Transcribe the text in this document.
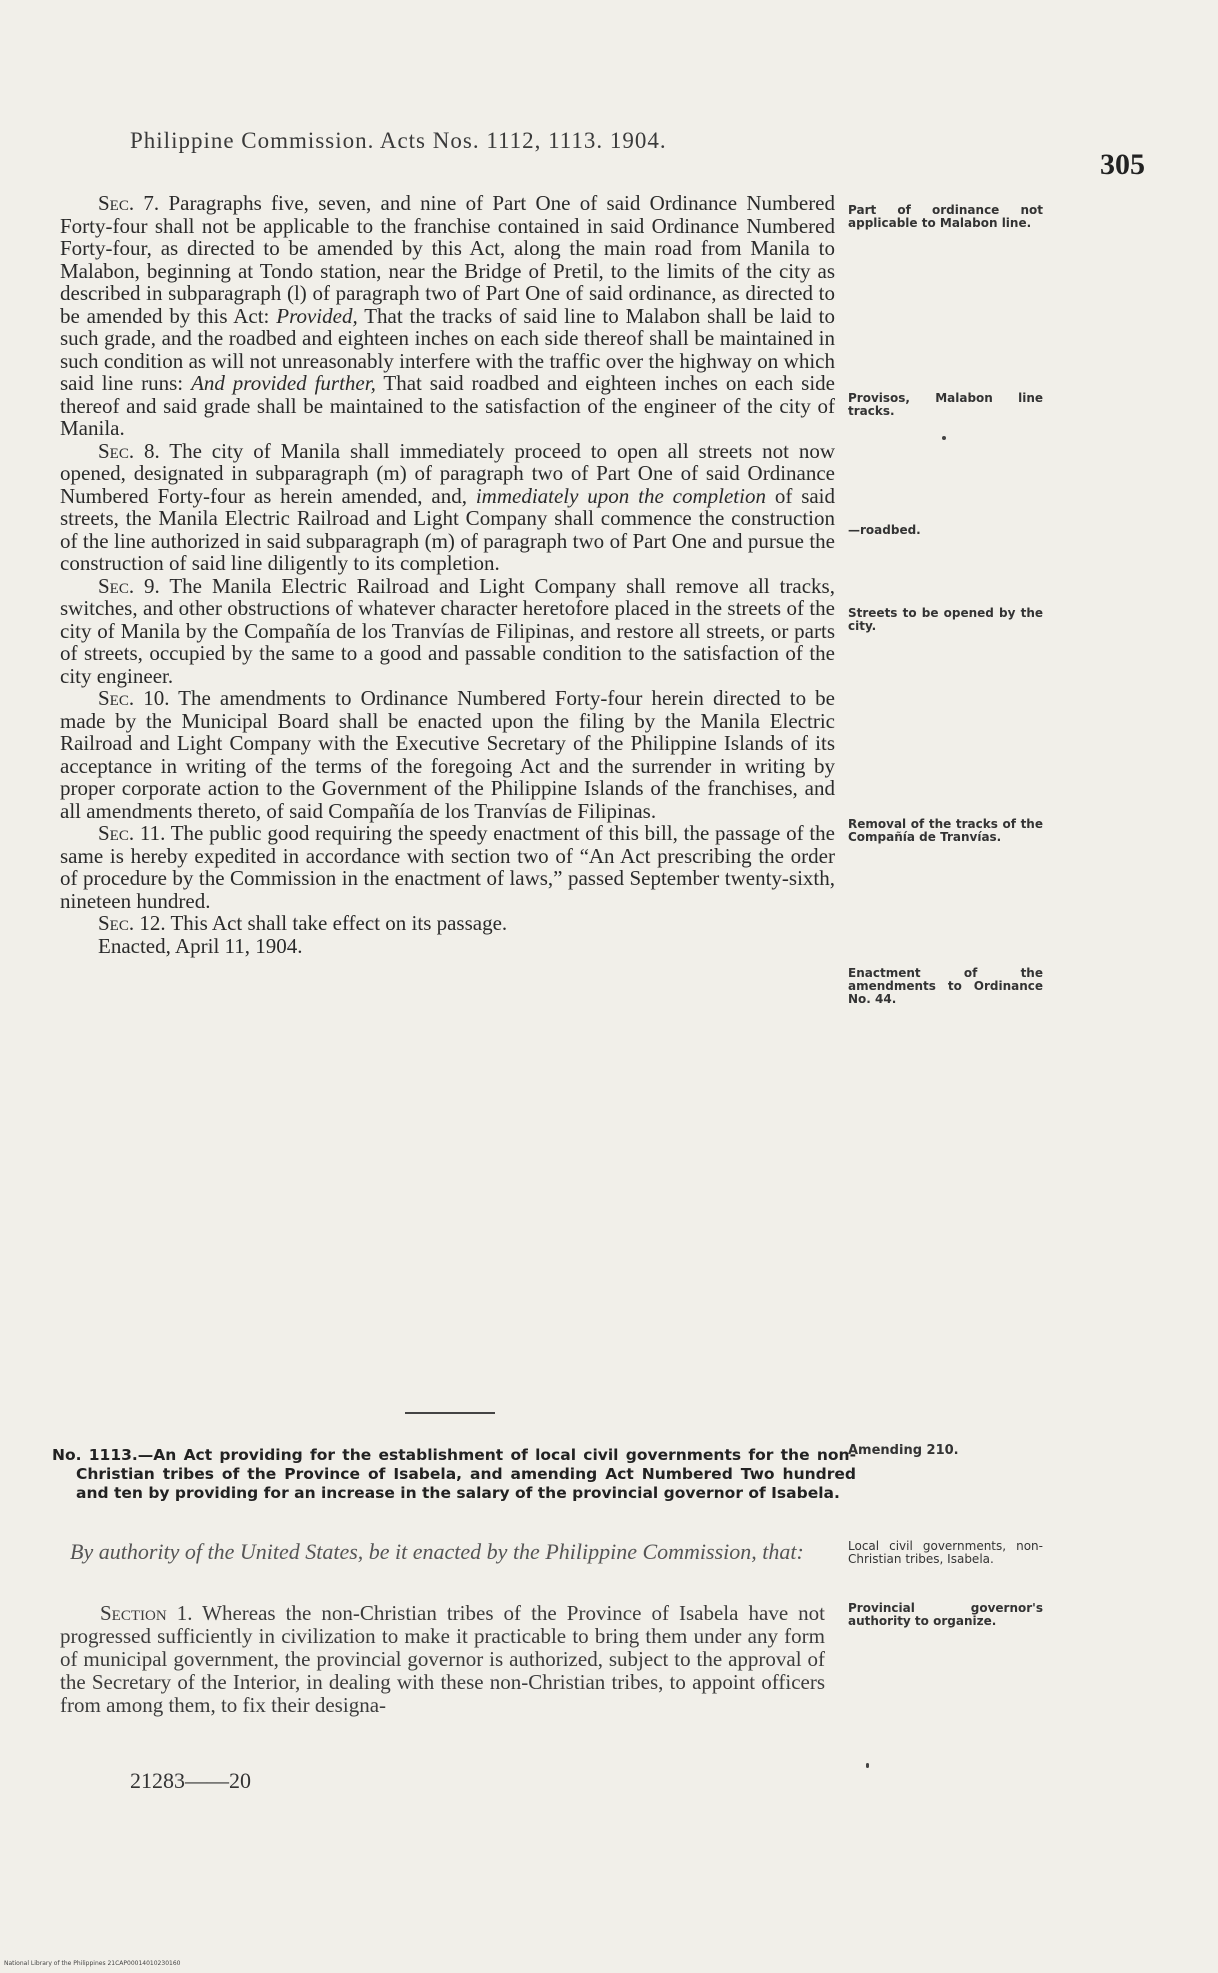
Philippine Commission. Acts Nos. 1112, 1113. 1904.
305

Sec. 7. Paragraphs five, seven, and nine of Part One of said Ordinance Numbered Forty-four shall not be applicable to the franchise contained in said Ordinance Numbered Forty-four, as directed to be amended by this Act, along the main road from Manila to Malabon, beginning at Tondo station, near the Bridge of Pretil, to the limits of the city as described in subparagraph (l) of paragraph two of Part One of said ordinance, as directed to be amended by this Act: Provided, That the tracks of said line to Malabon shall be laid to such grade, and the roadbed and eighteen inches on each side thereof shall be maintained in such condition as will not unreasonably interfere with the traffic over the highway on which said line runs: And provided further, That said roadbed and eighteen inches on each side thereof and said grade shall be maintained to the satisfaction of the engineer of the city of Manila.

Sec. 8. The city of Manila shall immediately proceed to open all streets not now opened, designated in subparagraph (m) of paragraph two of Part One of said Ordinance Numbered Forty-four as herein amended, and, immediately upon the completion of said streets, the Manila Electric Railroad and Light Company shall commence the construction of the line authorized in said subparagraph (m) of paragraph two of Part One and pursue the construction of said line diligently to its completion.

Sec. 9. The Manila Electric Railroad and Light Company shall remove all tracks, switches, and other obstructions of whatever character heretofore placed in the streets of the city of Manila by the Compañía de los Tranvías de Filipinas, and restore all streets, or parts of streets, occupied by the same to a good and passable condition to the satisfaction of the city engineer.

Sec. 10. The amendments to Ordinance Numbered Forty-four herein directed to be made by the Municipal Board shall be enacted upon the filing by the Manila Electric Railroad and Light Company with the Executive Secretary of the Philippine Islands of its acceptance in writing of the terms of the foregoing Act and the surrender in writing by proper corporate action to the Government of the Philippine Islands of the franchises, and all amendments thereto, of said Compañía de los Tranvías de Filipinas.

Sec. 11. The public good requiring the speedy enactment of this bill, the passage of the same is hereby expedited in accordance with section two of “An Act prescribing the order of procedure by the Commission in the enactment of laws,” passed September twenty-sixth, nineteen hundred.

Sec. 12. This Act shall take effect on its passage.

Enacted, April 11, 1904.

Part of ordinance not applicable to Malabon line.
Provisos, Malabon line tracks.
—roadbed.
Streets to be opened by the city.
Removal of the tracks of the Compañía de Tranvías.
Enactment of the amendments to Ordinance No. 44.
No. 1113.—An Act providing for the establishment of local civil governments for the non-Christian tribes of the Province of Isabela, and amending Act Numbered Two hundred and ten by providing for an increase in the salary of the provincial governor of Isabela.
Amending 210.
By authority of the United States, be it enacted by the Philippine Commission, that:	Local civil governments, non-Christian tribes, Isabela.
Section 1. Whereas the non-Christian tribes of the Province of Isabela have not progressed sufficiently in civilization to make it practicable to bring them under any form of municipal government, the provincial governor is authorized, subject to the approval of the Secretary of the Interior, in dealing with these non-Christian tribes, to appoint officers from among them, to fix their designa-
Provincial governor's authority to organize.
21283——20
National Library of the Philippines 21CAP00014010230160
